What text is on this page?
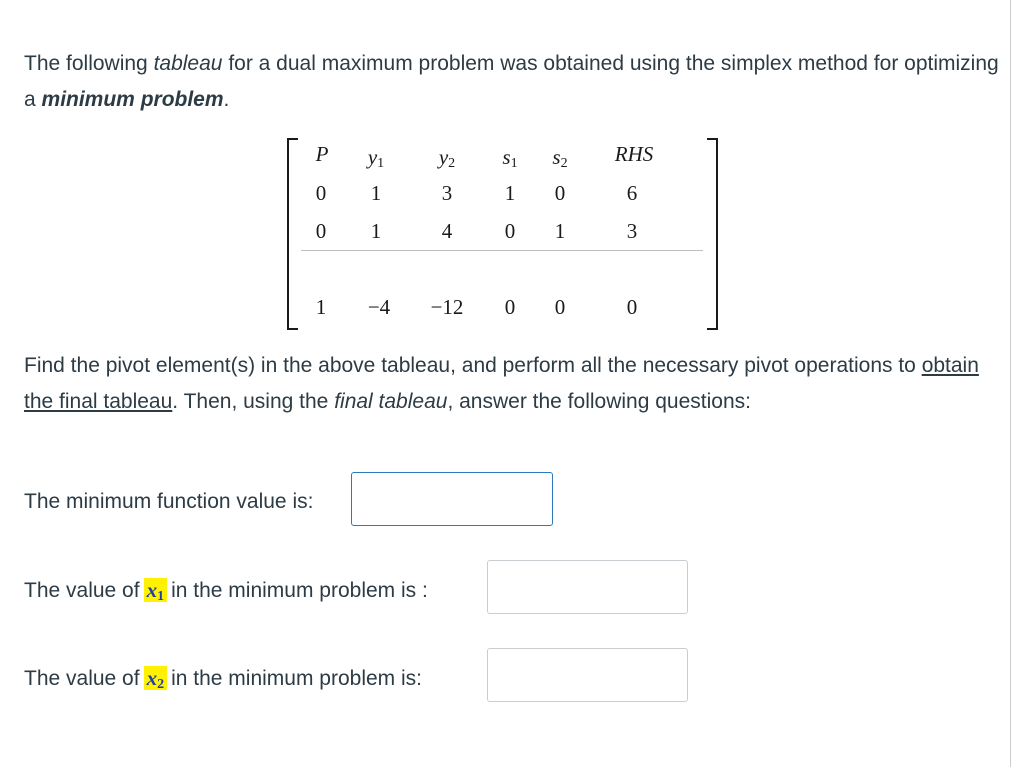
The following tableau for a dual maximum problem was obtained using the simplex method for optimizing a minimum problem.

P $y_1$	$y_2$ $s_1$ $s_2$ RHS
0 1	3	1 0	6
0 1	4	0 1	3
1 −4 −12 0 0	0

Find the pivot element(s) in the above tableau, and perform all the necessary pivot operations to obtain the final tableau. Then, using the final tableau, answer the following questions:

The minimum function value is:
The value of $x_1$ in the minimum problem is :
The value of $x_2$ in the minimum problem is:
